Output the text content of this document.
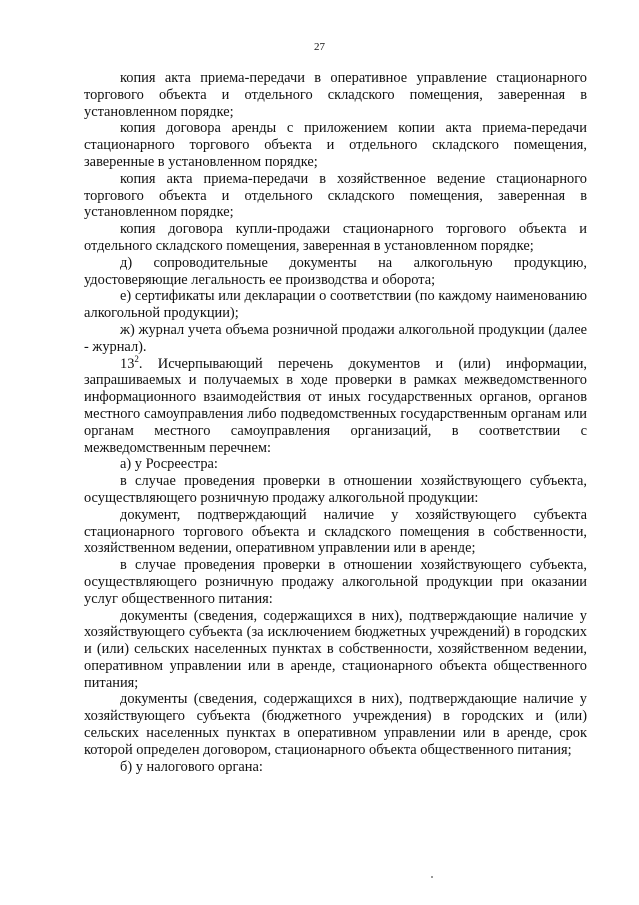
27

копия акта приема-передачи в оперативное управление стационарного торгового объекта и отдельного складского помещения, заверенная в установленном порядке;

копия договора аренды с приложением копии акта приема-передачи стационарного торгового объекта и отдельного складского помещения, заверенные в установленном порядке;

копия акта приема-передачи в хозяйственное ведение стационарного торгового объекта и отдельного складского помещения, заверенная в установленном порядке;

копия договора купли-продажи стационарного торгового объекта и отдельного складского помещения, заверенная в установленном порядке;

д) сопроводительные документы на алкогольную продукцию, удостоверяющие легальность ее производства и оборота;

е) сертификаты или декларации о соответствии (по каждому наименованию алкогольной продукции);

ж) журнал учета объема розничной продажи алкогольной продукции (далее - журнал).

$13^2$. Исчерпывающий перечень документов и (или) информации, запрашиваемых и получаемых в ходе проверки в рамках межведомственного информационного взаимодействия от иных государственных органов, органов местного самоуправления либо подведомственных государственным органам или органам местного самоуправления организаций, в соответствии с межведомственным перечнем:

а) у Росреестра:

в случае проведения проверки в отношении хозяйствующего субъекта, осуществляющего розничную продажу алкогольной продукции:

документ, подтверждающий наличие у хозяйствующего субъекта стационарного торгового объекта и складского помещения в собственности, хозяйственном ведении, оперативном управлении или в аренде;

в случае проведения проверки в отношении хозяйствующего субъекта, осуществляющего розничную продажу алкогольной продукции при оказании услуг общественного питания:

документы (сведения, содержащихся в них), подтверждающие наличие у хозяйствующего субъекта (за исключением бюджетных учреждений) в городских и (или) сельских населенных пунктах в собственности, хозяйственном ведении, оперативном управлении или в аренде, стационарного объекта общественного питания;

документы (сведения, содержащихся в них), подтверждающие наличие у хозяйствующего субъекта (бюджетного учреждения) в городских и (или) сельских населенных пунктах в оперативном управлении или в аренде, срок которой определен договором, стационарного объекта общественного питания;

б) у налогового органа:
